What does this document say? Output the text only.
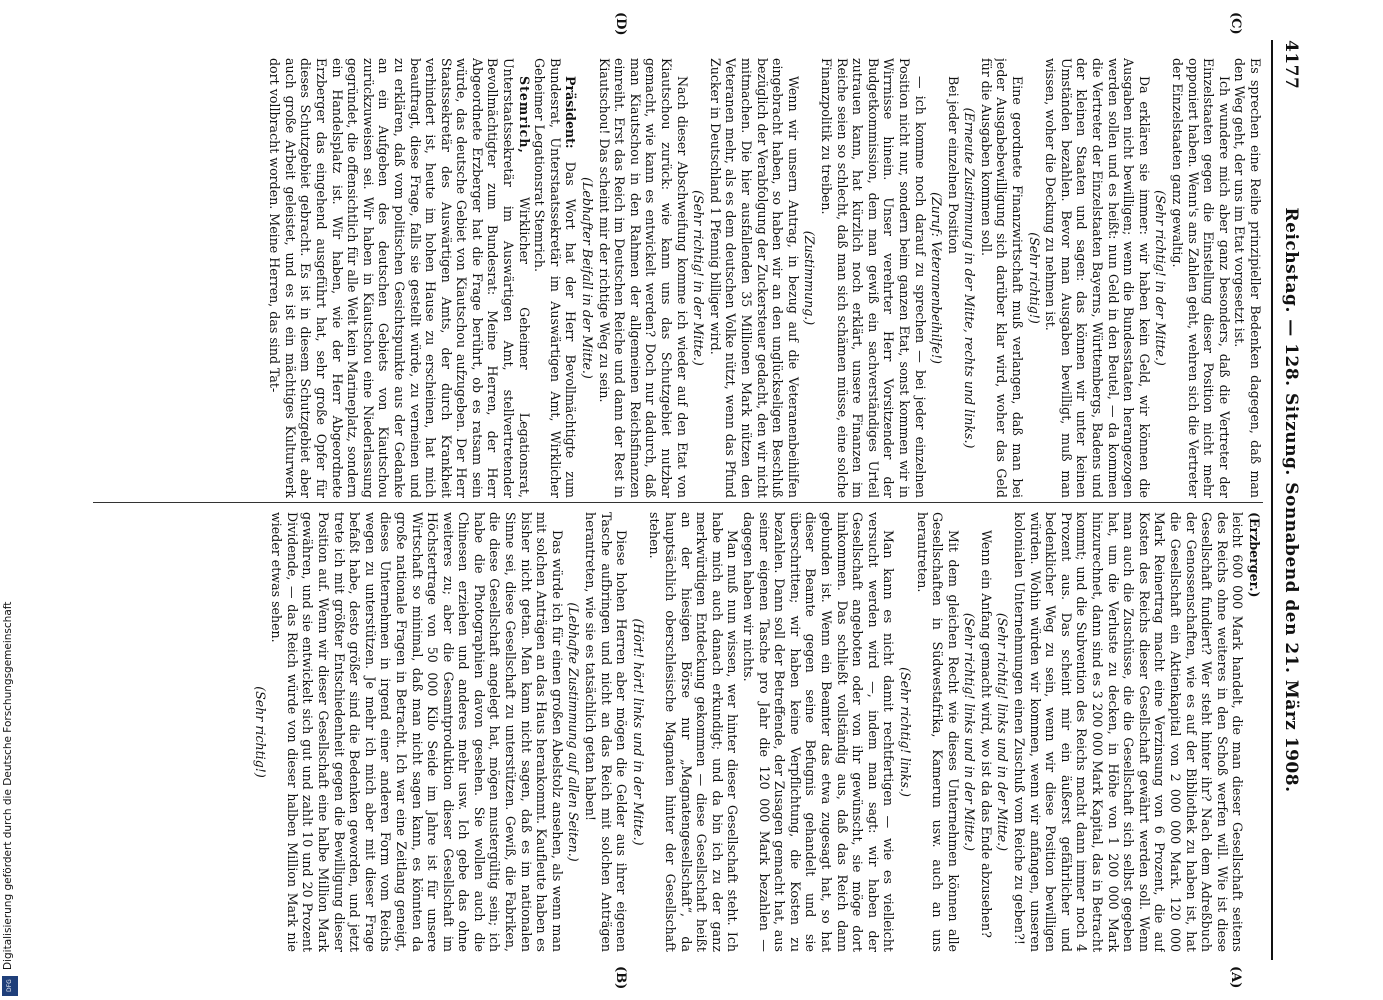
4177
Reichstag. — 128. Sitzung. Sonnabend den 21. März 1908.
(C)
(D)
(A)
(B)

Es sprechen eine Reihe prinzipieller Bedenken dagegen, daß man den Weg geht, der uns im Etat vorgesetzt ist.

Ich wundere mich aber ganz besonders, daß die Vertreter der Einzelstaaten gegen die Einstellung dieser Position nicht mehr opponiert haben. Wenn's ans Zahlen geht, wehren sich die Vertreter der Einzelstaaten ganz gewaltig.

(Sehr richtig! in der Mitte.)

Da erklären sie immer: wir haben kein Geld, wir können die Ausgaben nicht bewilligen; wenn die Bundesstaaten herangezogen werden sollen und es heißt: nun Geld in den Beutel, — da kommen die Vertreter der Einzelstaaten Bayerns, Württembergs, Badens und der kleinen Staaten und sagen: das können wir unter keinen Umständen bezahlen. Bevor man Ausgaben bewilligt, muß man wissen, woher die Deckung zu nehmen ist.

(Sehr richtig!)

Eine geordnete Finanzwirtschaft muß verlangen, daß man bei jeder Ausgabebewilligung sich darüber klar wird, woher das Geld für die Ausgaben kommen soll.

(Erneute Zustimmung in der Mitte, rechts und links.)

Bei jeder einzelnen Position

(Zuruf: Veteranenbeihilfe!)

— ich komme noch darauf zu sprechen — bei jeder einzelnen Position nicht nur, sondern beim ganzen Etat, sonst kommen wir in Wirrnisse hinein. Unser verehrter Herr Vorsitzender der Budgetkommission, dem man gewiß ein sachverständiges Urteil zutrauen kann, hat kürzlich noch erklärt, unsere Finanzen im Reiche seien so schlecht, daß man sich schämen müsse, eine solche Finanzpolitik zu treiben.

(Zustimmung.)

Wenn wir unsern Antrag, in bezug auf die Veteranenbeihilfen eingebracht haben, so haben wir an den unglückseligen Beschluß bezüglich der Verabfolgung der Zuckersteuer gedacht, den wir nicht mitmachen. Die hier ausfallenden 35 Millionen Mark nützen den Veteranen mehr, als es dem deutschen Volke nützt, wenn das Pfund Zucker in Deutschland 1 Pfennig billiger wird.

(Sehr richtig! in der Mitte.)

Nach dieser Abschweifung komme ich wieder auf den Etat von Kiautschou zurück: wie kann uns das Schutzgebiet nutzbar gemacht, wie kann es entwickelt werden? Doch nur dadurch, daß man Kiautschou in den Rahmen der allgemeinen Reichsfinanzen einreiht. Erst das Reich im Deutschen Reiche und dann der Rest in Kiautschou! Das scheint mir der richtige Weg zu sein.

(Lebhafter Beifall in der Mitte.)

Präsident: Das Wort hat der Herr Bevollmächtigte zum Bundesrat, Unterstaatssekretär im Auswärtigen Amt, Wirklicher Geheimer Legationsrat Stemrich.

Stemrich, Wirklicher Geheimer Legationsrat, Unterstaatssekretär im Auswärtigen Amt, stellvertretender Bevollmächtigter zum Bundesrat: Meine Herren, der Herr Abgeordnete Erzberger hat die Frage berührt, ob es ratsam sein würde, das deutsche Gebiet von Kiautschou aufzugeben. Der Herr Staatssekretär des Auswärtigen Amts, der durch Krankheit verhindert ist, heute im hohen Hause zu erscheinen, hat mich beauftragt, diese Frage, falls sie gestellt würde, zu verneinen und zu erklären, daß vom politischen Gesichtspunkte aus der Gedanke an ein Aufgeben des deutschen Gebiets von Kiautschou zurückzuweisen sei. Wir haben in Kiautschou eine Niederlassung gegründet, die offensichtlich für alle Welt kein Marineplatz, sondern ein Handelsplatz ist. Wir haben, wie der Herr Abgeordnete Erzberger das eingehend ausgeführt hat, sehr große Opfer für dieses Schutzgebiet gebracht. Es ist in diesem Schutzgebiet aber auch große Arbeit geleistet, und es ist ein mächtiges Kulturwerk dort vollbracht worden. Meine Herren, das sind Tat-

(Erzberger.)

leicht 600 000 Mark handelt, die man dieser Gesellschaft seitens des Reichs ohne weiteres in den Schoß werfen will. Wie ist diese Gesellschaft fundiert? Wer steht hinter ihr? Nach dem Adreßbuch der Genossenschaften, wie es auf der Bibliothek zu haben ist, hat die Gesellschaft ein Aktienkapital von 2 000 000 Mark. 120 000 Mark Reinertrag macht eine Verzinsung von 6 Prozent, die auf Kosten des Reichs dieser Gesellschaft gewährt werden soll. Wenn man auch die Zuschüsse, die die Gesellschaft sich selbst gegeben hat, um die Verluste zu decken, in Höhe von 1 200 000 Mark hinzurechnet, dann sind es 3 200 000 Mark Kapital, das in Betracht kommt; und die Subvention des Reichs macht dann immer noch 4 Prozent aus. Das scheint mir ein äußerst gefährlicher und bedenklicher Weg zu sein, wenn wir diese Position bewilligen würden. Wohin würden wir kommen, wenn wir anfangen, unseren kolonialen Unternehmungen einen Zuschuß vom Reiche zu geben?!

(Sehr richtig! links und in der Mitte.)

Wenn ein Anfang gemacht wird, wo ist da das Ende abzusehen?

(Sehr richtig! links und in der Mitte.)

Mit dem gleichen Recht wie dieses Unternehmen können alle Gesellschaften in Südwestafrika, Kamerun usw. auch an uns herantreten.

(Sehr richtig! links.)

Man kann es nicht damit rechtfertigen — wie es vielleicht versucht werden wird —, indem man sagt: wir haben der Gesellschaft angeboten oder von ihr gewünscht, sie möge dort hinkommen. Das schließt vollständig aus, daß das Reich dann gebunden ist. Wenn ein Beamter das etwa zugesagt hat, so hat dieser Beamte gegen seine Befugnis gehandelt und sie überschritten; wir haben keine Verpflichtung, die Kosten zu bezahlen. Dann soll der Betreffende, der Zusagen gemacht hat, aus seiner eigenen Tasche pro Jahr die 120 000 Mark bezahlen — dagegen haben wir nichts.

Man muß nun wissen, wer hinter dieser Gesellschaft steht. Ich habe mich auch danach erkundigt; und da bin ich zu der ganz merkwürdigen Entdeckung gekommen — diese Gesellschaft heißt an der hiesigen Börse nur „Magnatengesellschaft“, da hauptsächlich oberschlesische Magnaten hinter der Gesellschaft stehen.

(Hört! hört! links und in der Mitte.)

Diese hohen Herren aber mögen die Gelder aus ihrer eigenen Tasche aufbringen und nicht an das Reich mit solchen Anträgen herantreten, wie sie es tatsächlich getan haben!

(Lebhafte Zustimmung auf allen Seiten.)

Das würde ich für einen großen Abelstolz ansehen, als wenn man mit solchen Anträgen an das Haus herankommt. Kaufleute haben es bisher nicht getan. Man kann nicht sagen, daß es im nationalen Sinne sei, diese Gesellschaft zu unterstützen. Gewiß, die Fabriken, die diese Gesellschaft angelegt hat, mögen mustergültig sein; ich habe die Photographien davon gesehen. Sie wollen auch die Chinesen erziehen und anderes mehr usw. Ich gebe das ohne weiteres zu; aber die Gesamtproduktion dieser Gesellschaft im Höchstertrage von 50 000 Kilo Seide im Jahre ist für unsere Wirtschaft so minimal, daß man nicht sagen kann, es könnten da große nationale Fragen in Betracht. Ich war eine Zeitlang geneigt, dieses Unternehmen in irgend einer anderen Form vom Reichs wegen zu unterstützen. Je mehr ich mich aber mit dieser Frage befaßt habe, desto größer sind die Bedenken geworden, und jetzt trete ich mit größter Entschiedenheit gegen die Bewilligung dieser Position auf. Wenn wir dieser Gesellschaft eine halbe Million Mark gewähren, und sie entwickelt sich gut und zahlt 10 und 20 Prozent Dividende, — das Reich würde von dieser halben Million Mark nie wieder etwas sehen.

(Sehr richtig!)

Digitalisierung gefördert durch die Deutsche Forschungsgemeinschaft
DFG
